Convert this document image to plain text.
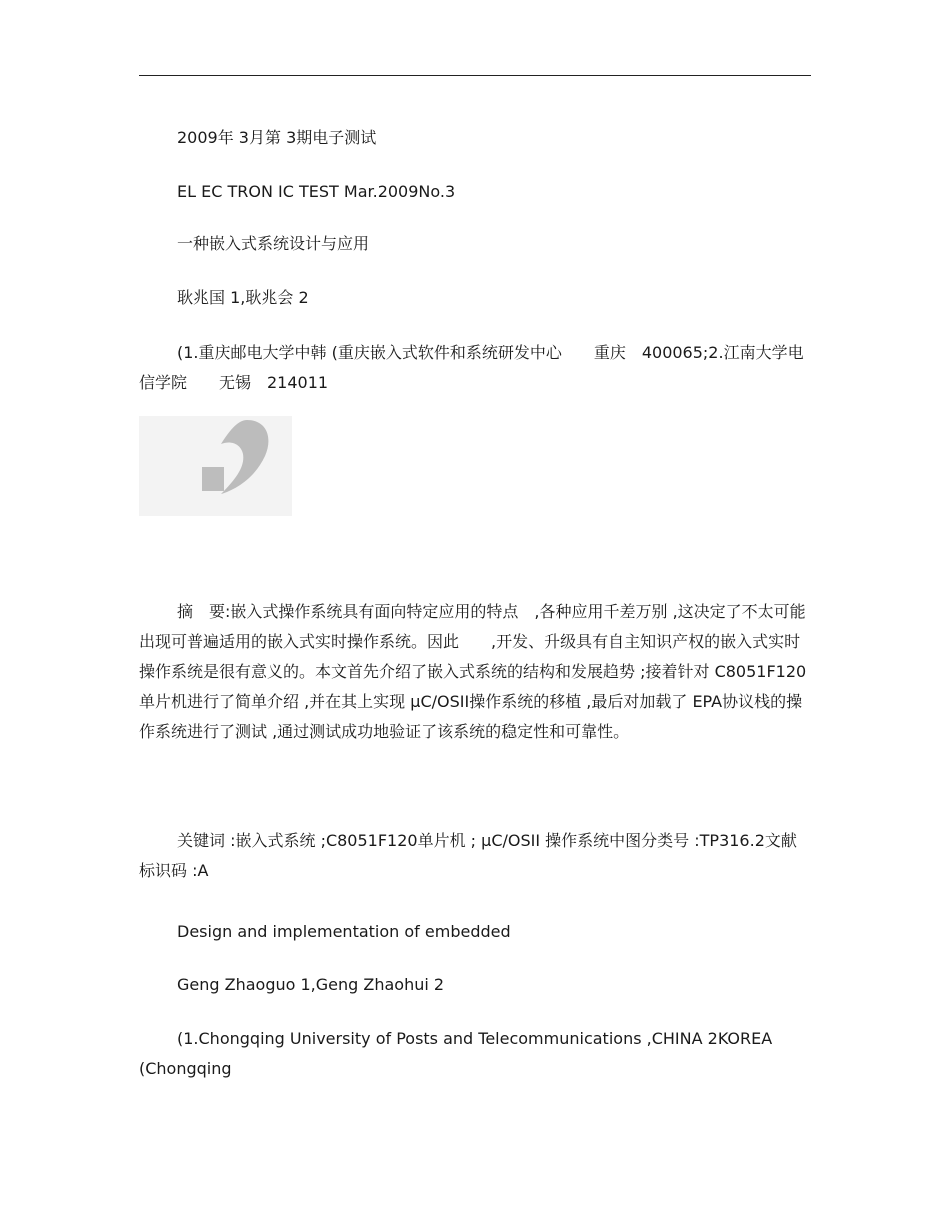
2009年 3月第 3期电子测试
EL EC TRON IC TEST Mar.2009No.3
一种嵌入式系统设计与应用
耿兆国 1,耿兆会 2

(1.重庆邮电大学中韩 (重庆嵌入式软件和系统研发中心　　重庆　400065;2.江南大学电信学院　　无锡　214011

摘　要:嵌入式操作系统具有面向特定应用的特点　,各种应用千差万别 ,这决定了不太可能出现可普遍适用的嵌入式实时操作系统。因此　　,开发、升级具有自主知识产权的嵌入式实时操作系统是很有意义的。本文首先介绍了嵌入式系统的结构和发展趋势 ;接着针对 C8051F120单片机进行了简单介绍 ,并在其上实现 μC/OSII操作系统的移植 ,最后对加载了 EPA协议栈的操作系统进行了测试 ,通过测试成功地验证了该系统的稳定性和可靠性。

关键词 :嵌入式系统 ;C8051F120单片机 ; μC/OSII 操作系统中图分类号 :TP316.2文献标识码 :A

Design and implementation of embedded
Geng Zhaoguo 1,Geng Zhaohui 2

(1.Chongqing University of Posts and Telecommunications ,CHINA 2KOREA (Chongqing
